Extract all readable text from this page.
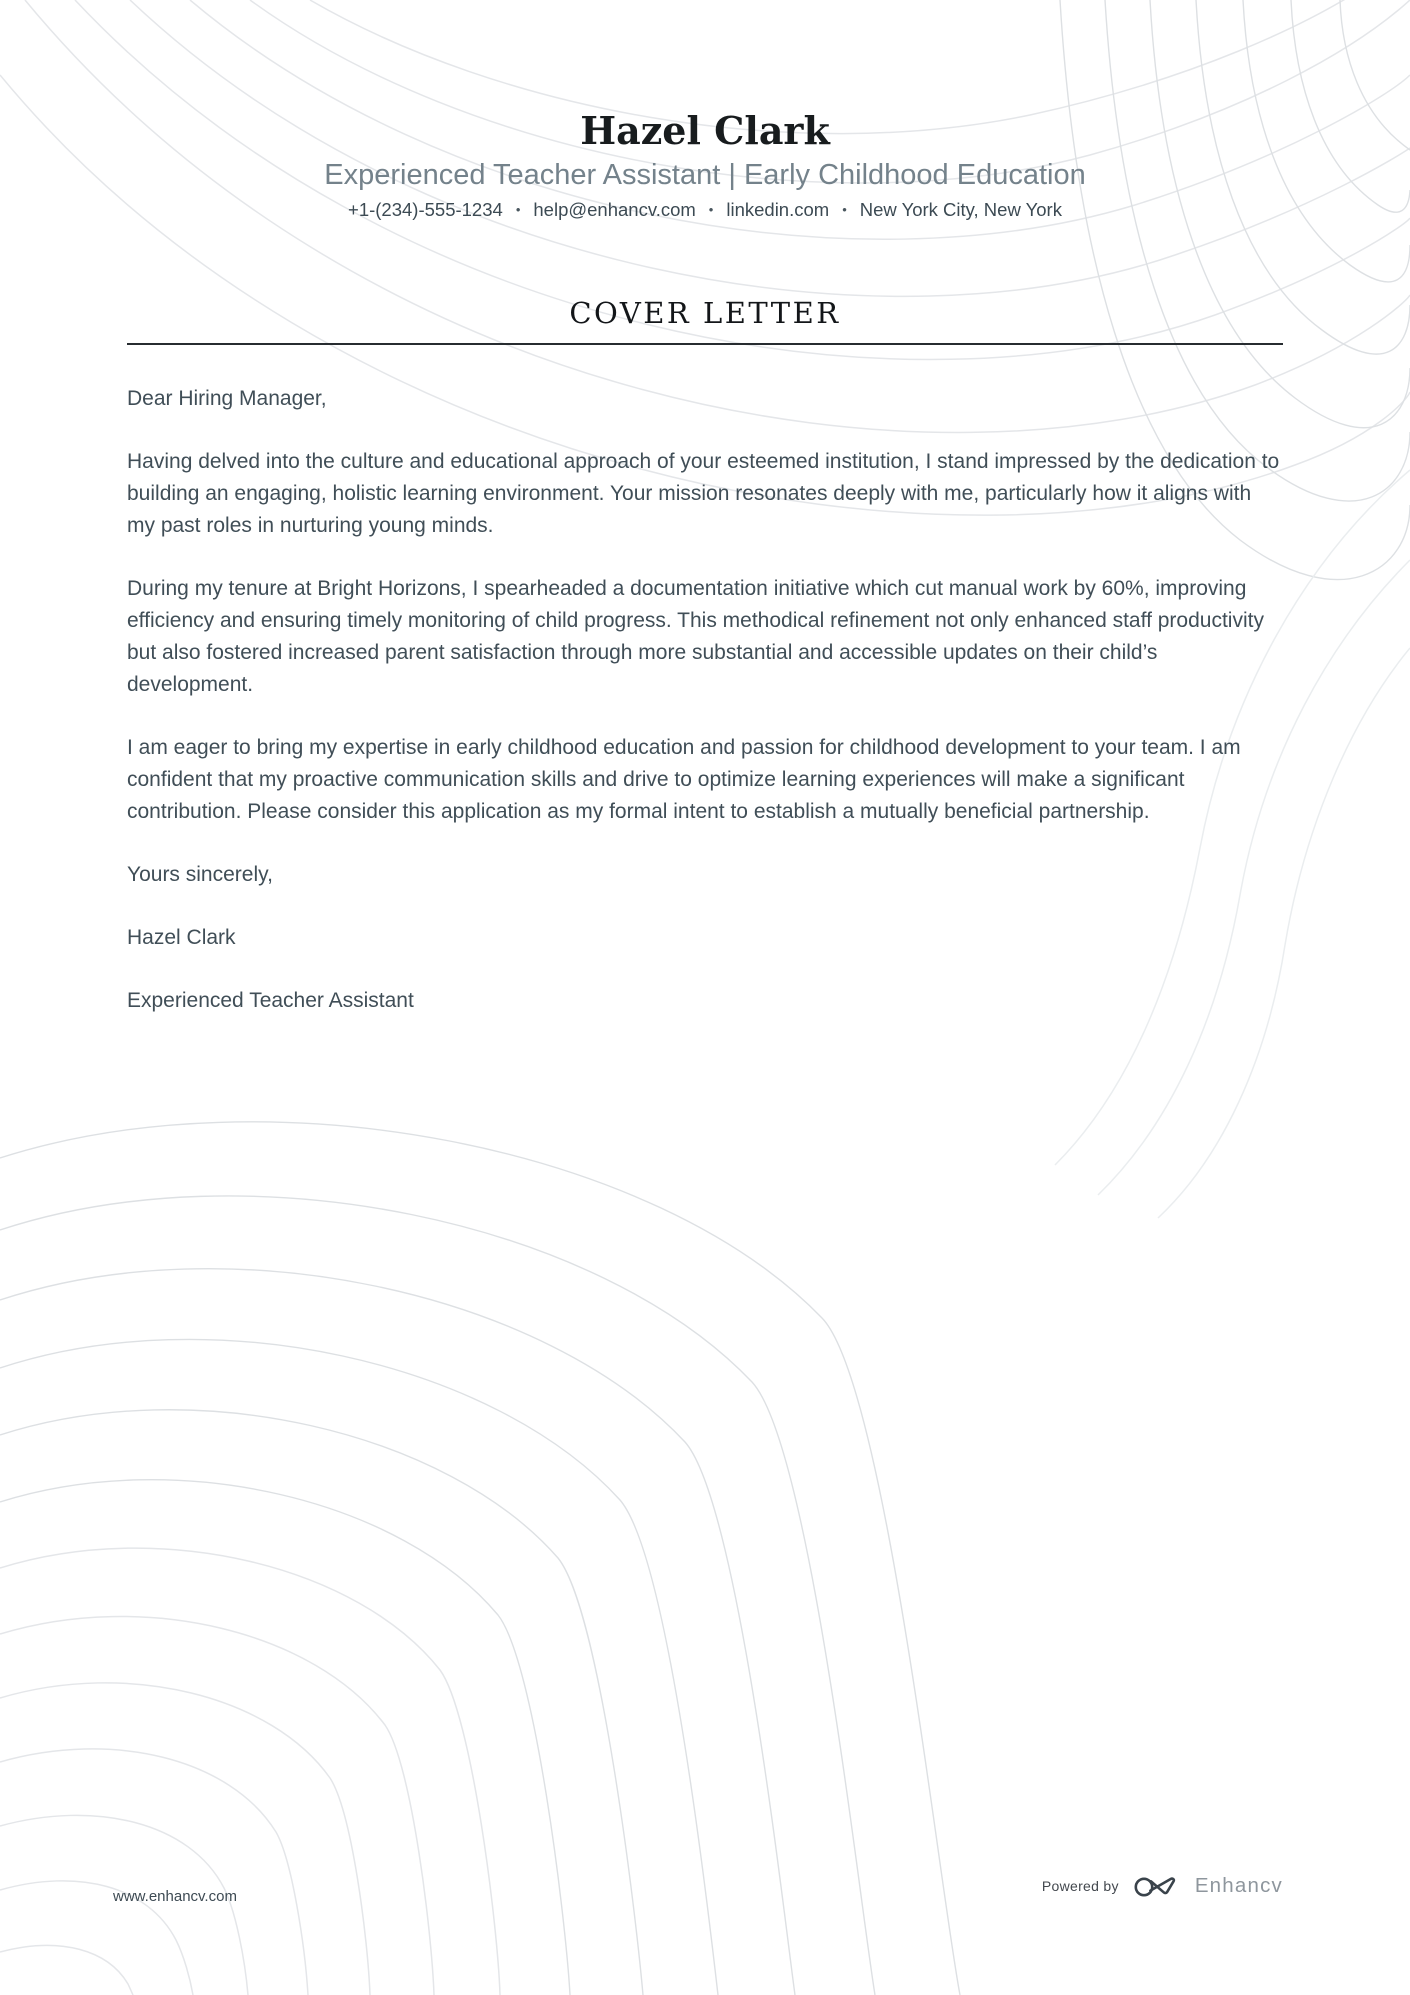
Hazel Clark
Experienced Teacher Assistant | Early Childhood Education
+1-(234)-555-1234 • help@enhancv.com • linkedin.com • New York City, New York
COVER LETTER

Dear Hiring Manager,

Having delved into the culture and educational approach of your esteemed institution, I stand impressed by the dedication to building an engaging, holistic learning environment. Your mission resonates deeply with me, particularly how it aligns with my past roles in nurturing young minds.

During my tenure at Bright Horizons, I spearheaded a documentation initiative which cut manual work by 60%, improving efficiency and ensuring timely monitoring of child progress. This methodical refinement not only enhanced staff productivity but also fostered increased parent satisfaction through more substantial and accessible updates on their child’s development.

I am eager to bring my expertise in early childhood education and passion for childhood development to your team. I am confident that my proactive communication skills and drive to optimize learning experiences will make a significant contribution. Please consider this application as my formal intent to establish a mutually beneficial partnership.

Yours sincerely,

Hazel Clark

Experienced Teacher Assistant

www.enhancv.com
Powered by	Enhancv
